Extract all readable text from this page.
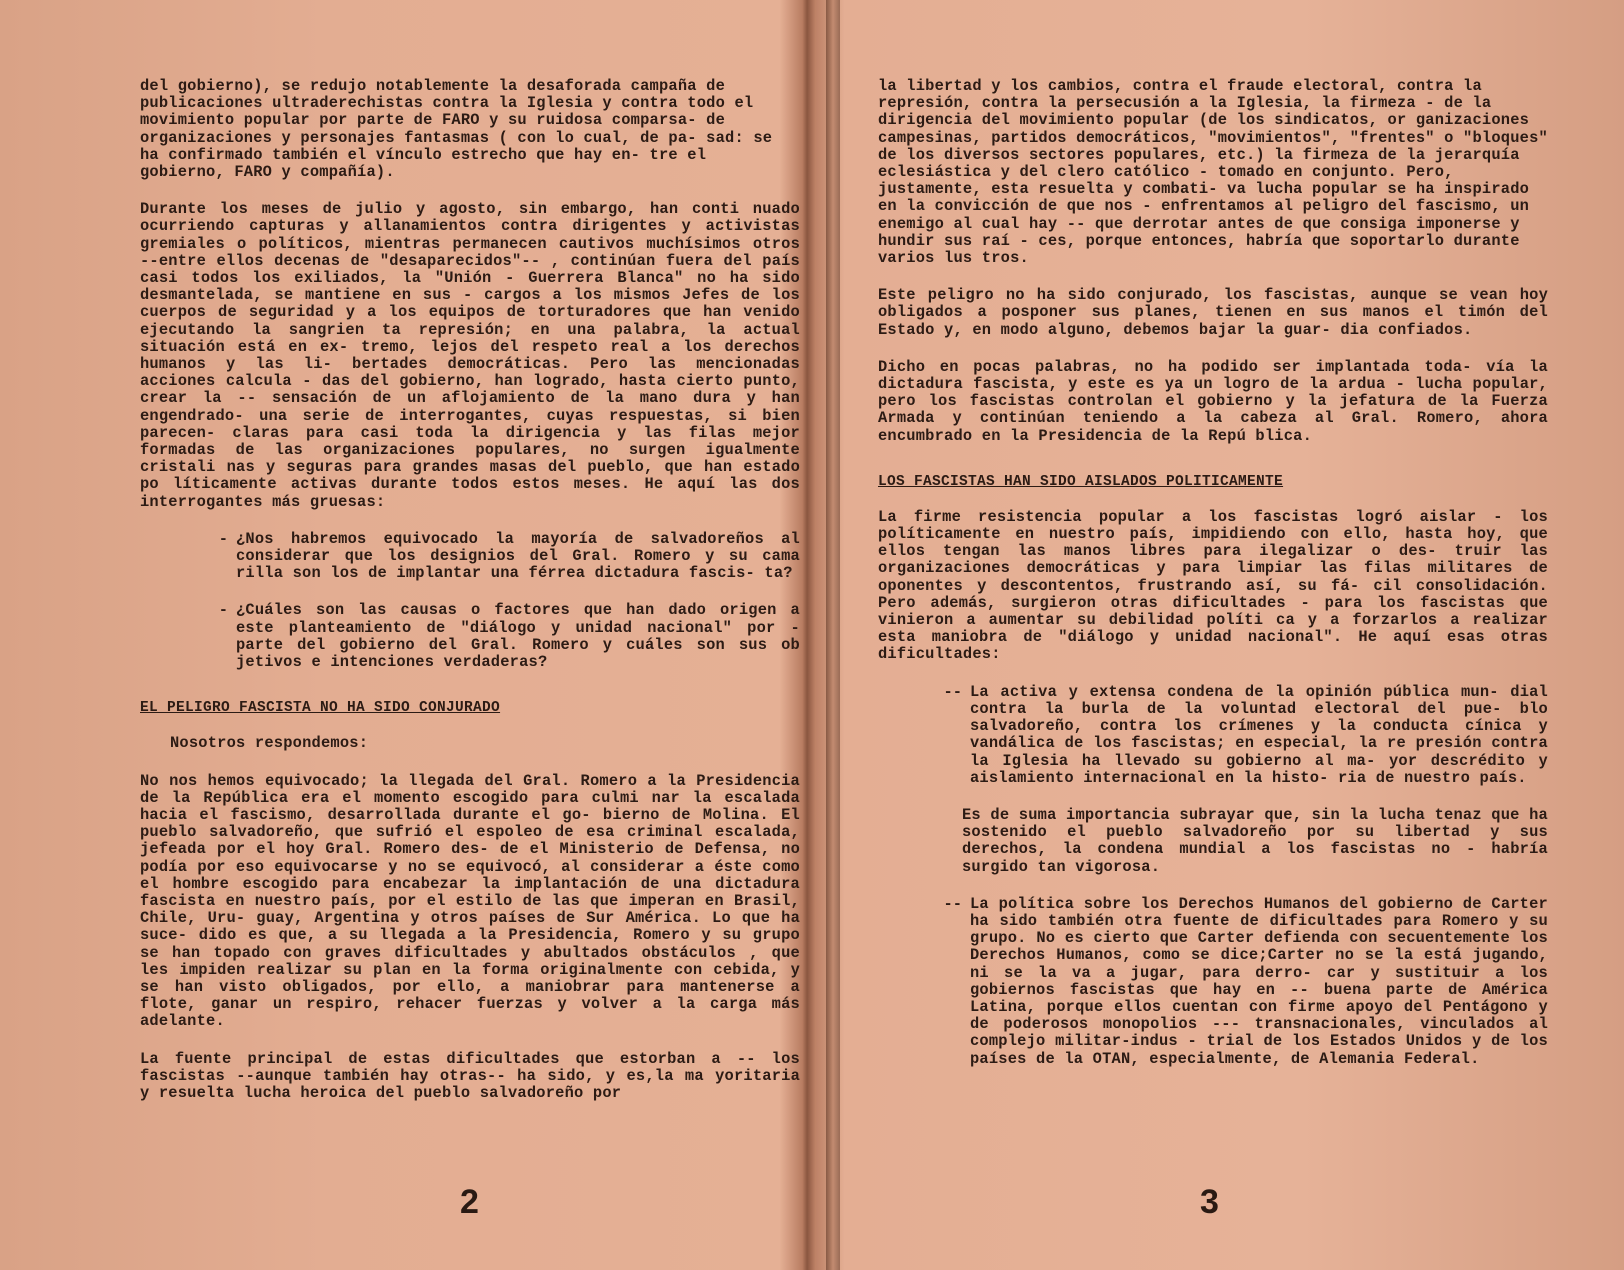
del gobierno), se redujo notablemente la desaforada campaña de publicaciones ultraderechistas contra la Iglesia y contra todo el movimiento popular por parte de FARO y su ruidosa comparsa- de organizaciones y personajes fantasmas ( con lo cual, de pa- sad: se ha confirmado también el vínculo estrecho que hay en- tre el gobierno, FARO y compañía).

Durante los meses de julio y agosto, sin embargo, han conti nuado ocurriendo capturas y allanamientos contra dirigentes y activistas gremiales o políticos, mientras permanecen cautivos muchísimos otros --entre ellos decenas de "desaparecidos"-- , continúan fuera del país casi todos los exiliados, la "Unión - Guerrera Blanca" no ha sido desmantelada, se mantiene en sus - cargos a los mismos Jefes de los cuerpos de seguridad y a los equipos de torturadores que han venido ejecutando la sangrien ta represión; en una palabra, la actual situación está en ex- tremo, lejos del respeto real a los derechos humanos y las li- bertades democráticas. Pero las mencionadas acciones calcula - das del gobierno, han logrado, hasta cierto punto, crear la -- sensación de un aflojamiento de la mano dura y han engendrado- una serie de interrogantes, cuyas respuestas, si bien parecen- claras para casi toda la dirigencia y las filas mejor formadas de las organizaciones populares, no surgen igualmente cristali nas y seguras para grandes masas del pueblo, que han estado po líticamente activas durante todos estos meses. He aquí las dos interrogantes más gruesas:

- ¿Nos habremos equivocado la mayoría de salvadoreños al considerar que los designios del Gral. Romero y su cama rilla son los de implantar una férrea dictadura fascis- ta?

- ¿Cuáles son las causas o factores que han dado origen a este planteamiento de "diálogo y unidad nacional" por - parte del gobierno del Gral. Romero y cuáles son sus ob jetivos e intenciones verdaderas?

EL PELIGRO FASCISTA NO HA SIDO CONJURADO

Nosotros respondemos:

No nos hemos equivocado; la llegada del Gral. Romero a la Presidencia de la República era el momento escogido para culmi nar la escalada hacia el fascismo, desarrollada durante el go- bierno de Molina. El pueblo salvadoreño, que sufrió el espoleo de esa criminal escalada, jefeada por el hoy Gral. Romero des- de el Ministerio de Defensa, no podía por eso equivocarse y no se equivocó, al considerar a éste como el hombre escogido para encabezar la implantación de una dictadura fascista en nuestro país, por el estilo de las que imperan en Brasil, Chile, Uru- guay, Argentina y otros países de Sur América. Lo que ha suce- dido es que, a su llegada a la Presidencia, Romero y su grupo se han topado con graves dificultades y abultados obstáculos , que les impiden realizar su plan en la forma originalmente con cebida, y se han visto obligados, por ello, a maniobrar para mantenerse a flote, ganar un respiro, rehacer fuerzas y volver a la carga más adelante.

La fuente principal de estas dificultades que estorban a -- los fascistas --aunque también hay otras-- ha sido, y es,la ma yoritaria y resuelta lucha heroica del pueblo salvadoreño por

2

la libertad y los cambios, contra el fraude electoral, contra la represión, contra la persecusión a la Iglesia, la firmeza - de la dirigencia del movimiento popular (de los sindicatos, or ganizaciones campesinas, partidos democráticos, "movimientos", "frentes" o "bloques" de los diversos sectores populares, etc.) la firmeza de la jerarquía eclesiástica y del clero católico - tomado en conjunto. Pero, justamente, esta resuelta y combati- va lucha popular se ha inspirado en la convicción de que nos - enfrentamos al peligro del fascismo, un enemigo al cual hay -- que derrotar antes de que consiga imponerse y hundir sus raí - ces, porque entonces, habría que soportarlo durante varios lus tros.

Este peligro no ha sido conjurado, los fascistas, aunque se vean hoy obligados a posponer sus planes, tienen en sus manos el timón del Estado y, en modo alguno, debemos bajar la guar- dia confiados.

Dicho en pocas palabras, no ha podido ser implantada toda- vía la dictadura fascista, y este es ya un logro de la ardua - lucha popular, pero los fascistas controlan el gobierno y la jefatura de la Fuerza Armada y continúan teniendo a la cabeza al Gral. Romero, ahora encumbrado en la Presidencia de la Repú blica.

LOS FASCISTAS HAN SIDO AISLADOS POLITICAMENTE

La firme resistencia popular a los fascistas logró aislar - los políticamente en nuestro país, impidiendo con ello, hasta hoy, que ellos tengan las manos libres para ilegalizar o des- truir las organizaciones democráticas y para limpiar las filas militares de oponentes y descontentos, frustrando así, su fá- cil consolidación. Pero además, surgieron otras dificultades - para los fascistas que vinieron a aumentar su debilidad políti ca y a forzarlos a realizar esta maniobra de "diálogo y unidad nacional". He aquí esas otras dificultades:

-- La activa y extensa condena de la opinión pública mun- dial contra la burla de la voluntad electoral del pue- blo salvadoreño, contra los crímenes y la conducta cínica y vandálica de los fascistas; en especial, la re presión contra la Iglesia ha llevado su gobierno al ma- yor descrédito y aislamiento internacional en la histo- ria de nuestro país.

Es de suma importancia subrayar que, sin la lucha tenaz que ha sostenido el pueblo salvadoreño por su libertad y sus derechos, la condena mundial a los fascistas no - habría surgido tan vigorosa.

-- La política sobre los Derechos Humanos del gobierno de Carter ha sido también otra fuente de dificultades para Romero y su grupo. No es cierto que Carter defienda con secuentemente los Derechos Humanos, como se dice;Carter no se la está jugando, ni se la va a jugar, para derro- car y sustituir a los gobiernos fascistas que hay en -- buena parte de América Latina, porque ellos cuentan con firme apoyo del Pentágono y de poderosos monopolios --- transnacionales, vinculados al complejo militar-indus - trial de los Estados Unidos y de los países de la OTAN, especialmente, de Alemania Federal.

3
